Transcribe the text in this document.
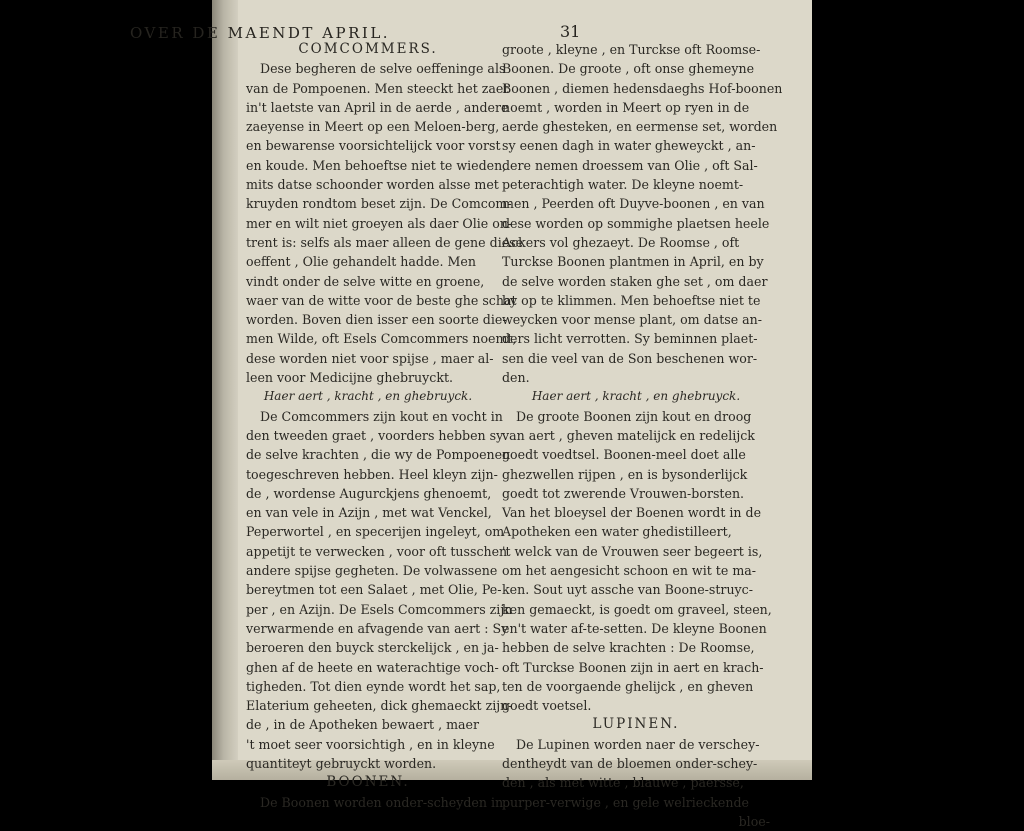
OVER DE MAENDT APRIL.	31
COMCOMMERS.
Dese begheren de selve oeffeninge als
van de Pompoenen. Men steeckt het zaet
in't laetste van April in de aerde , andere
zaeyense in Meert op een Meloen-berg,
en bewarense voorsichtelijck voor vorst
en koude. Men behoeftse niet te wieden,
mits datse schoonder worden alsse met
kruyden rondtom beset zijn. De Comcom-
mer en wilt niet groeyen als daer Olie on-
trent is: selfs als maer alleen de gene diese
oeffent , Olie gehandelt hadde. Men
vindt onder de selve witte en groene,
waer van de witte voor de beste ghe schat
worden. Boven dien isser een soorte die-
men Wilde, oft Esels Comcommers noemt,
dese worden niet voor spijse , maer al-
leen voor Medicijne ghebruyckt.
Haer aert , kracht , en ghebruyck.
De Comcommers zijn kout en vocht in
den tweeden graet , voorders hebben sy
de selve krachten , die wy de Pompoenen
toegeschreven hebben. Heel kleyn zijn-
de , wordense Augurckjens ghenoemt,
en van vele in Azijn , met wat Venckel,
Peperwortel , en specerijen ingeleyt, om
appetijt te verwecken , voor oft tusschen
andere spijse gegheten. De volwassene
bereytmen tot een Salaet , met Olie, Pe-
per , en Azijn. De Esels Comcommers zijn
verwarmende en afvagende van aert : Sy
beroeren den buyck sterckelijck , en ja-
ghen af de heete en waterachtige voch-
tigheden. Tot dien eynde wordt het sap,
Elaterium geheeten, dick ghemaeckt zijn-
de , in de Apotheken bewaert , maer
't moet seer voorsichtigh , en in kleyne
quantiteyt gebruyckt worden.
BOONEN.
De Boonen worden onder-scheyden in
groote , kleyne , en Turckse oft Roomse-
Boonen. De groote , oft onse ghemeyne
Boonen , diemen hedensdaeghs Hof-boonen
noemt , worden in Meert op ryen in de
aerde ghesteken, en eermense set, worden
sy eenen dagh in water gheweyckt , an-
dere nemen droessem van Olie , oft Sal-
peterachtigh water. De kleyne noemt-
men , Peerden oft Duyve-boonen , en van
dese worden op sommighe plaetsen heele
Ackers vol ghezaeyt. De Roomse , oft
Turckse Boonen plantmen in April, en by
de selve worden staken ghe set , om daer
by op te klimmen. Men behoeftse niet te
weycken voor mense plant, om datse an-
ders licht verrotten. Sy beminnen plaet-
sen die veel van de Son beschenen wor-
den.
Haer aert , kracht , en ghebruyck.
De groote Boonen zijn kout en droog
van aert , gheven matelijck en redelijck
goedt voedtsel. Boonen-meel doet alle
ghezwellen rijpen , en is bysonderlijck
goedt tot zwerende Vrouwen-borsten.
Van het bloeysel der Boenen wordt in de
Apotheken een water ghedistilleert,
't welck van de Vrouwen seer begeert is,
om het aengesicht schoon en wit te ma-
ken. Sout uyt assche van Boone-struyc-
ken gemaeckt, is goedt om graveel, steen,
en't water af-te-setten. De kleyne Boonen
hebben de selve krachten : De Roomse,
oft Turckse Boonen zijn in aert en krach-
ten de voorgaende ghelijck , en gheven
goedt voetsel.
LUPINEN.
De Lupinen worden naer de verschey-
dentheydt van de bloemen onder-schey-
den , als met witte , blauwe , paersse,
purper-verwige , en gele welrieckende
bloe-
